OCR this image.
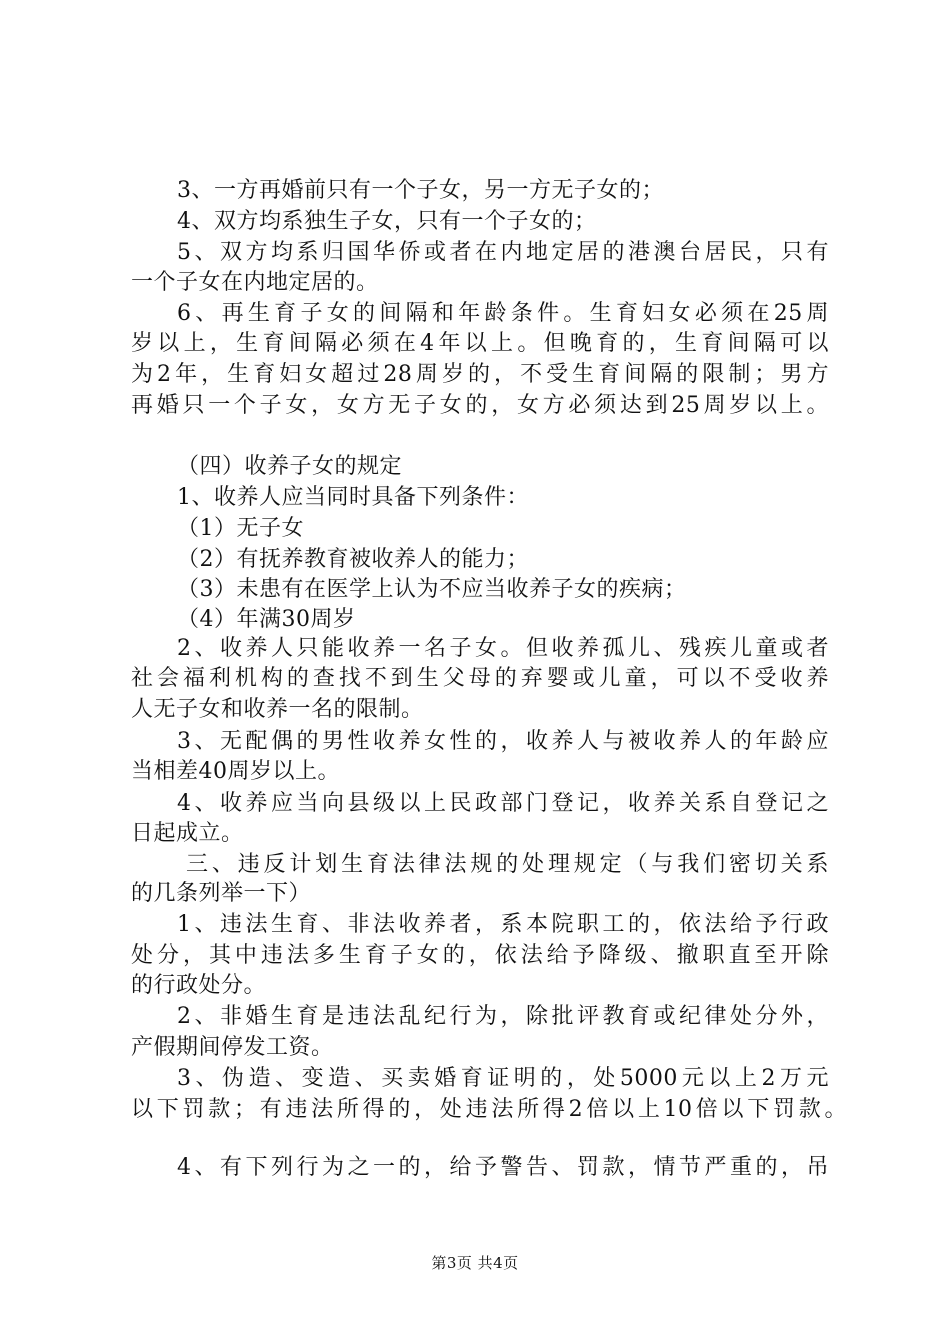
3、一方再婚前只有一个子女，另一方无子女的；
4、双方均系独生子女，只有一个子女的；
5、双方均系归国华侨或者在内地定居的港澳台居民，只有
一个子女在内地定居的。
6、再生育子女的间隔和年龄条件。生育妇女必须在25周
岁以上，生育间隔必须在4年以上。但晚育的，生育间隔可以
为2年，生育妇女超过28周岁的，不受生育间隔的限制；男方
再婚只一个子女，女方无子女的，女方必须达到25周岁以上。
（四）收养子女的规定
1、收养人应当同时具备下列条件：
（1）无子女
（2）有抚养教育被收养人的能力；
（3）未患有在医学上认为不应当收养子女的疾病；
（4）年满30周岁
2、收养人只能收养一名子女。但收养孤儿、残疾儿童或者
社会福利机构的查找不到生父母的弃婴或儿童，可以不受收养
人无子女和收养一名的限制。
3、无配偶的男性收养女性的，收养人与被收养人的年龄应
当相差40周岁以上。
4、收养应当向县级以上民政部门登记，收养关系自登记之
日起成立。
三、违反计划生育法律法规的处理规定（与我们密切关系
的几条列举一下）
1、违法生育、非法收养者，系本院职工的，依法给予行政
处分，其中违法多生育子女的，依法给予降级、撤职直至开除
的行政处分。
2、非婚生育是违法乱纪行为，除批评教育或纪律处分外，
产假期间停发工资。
3、伪造、变造、买卖婚育证明的，处5000元以上2万元
以下罚款；有违法所得的，处违法所得2倍以上10倍以下罚款。
4、有下列行为之一的，给予警告、罚款，情节严重的，吊
第3页 共4页
